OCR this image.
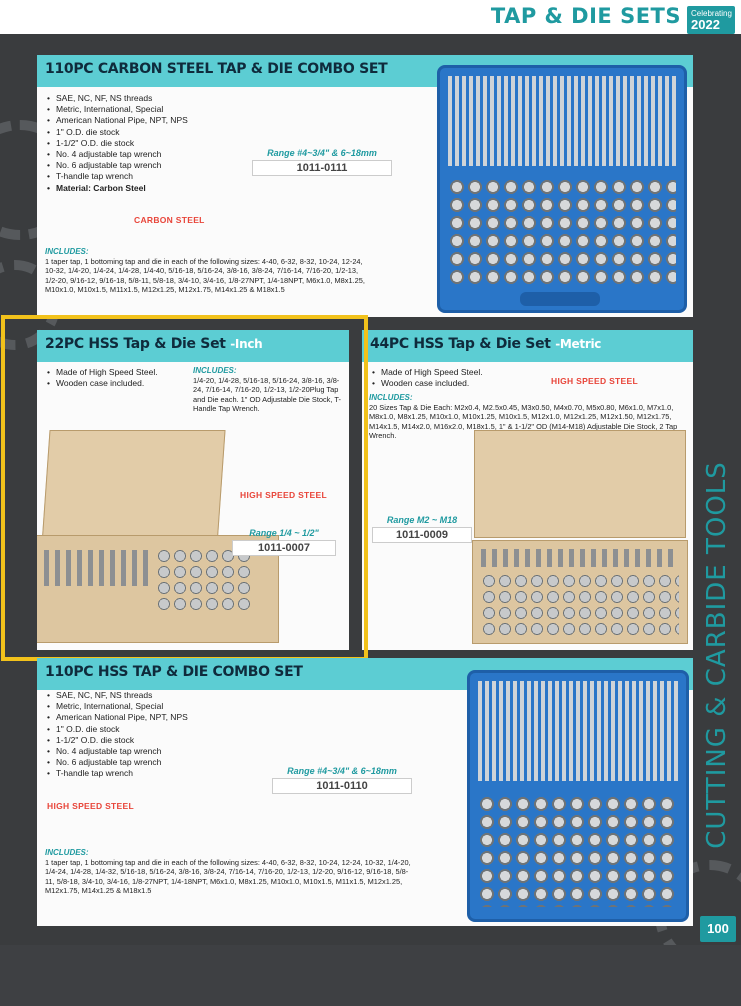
TAP & DIE SETS Celebrating
2022
CUTTING & CARBIDE TOOLS
110PC CARBON STEEL TAP & DIE COMBO SET
• SAE, NC, NF, NS threads
• Metric, International, Special
• American National Pipe, NPT, NPS
• 1" O.D. die stock
• 1-1/2" O.D. die stock
• No. 4 adjustable tap wrench
• No. 6 adjustable tap wrench
• T-handle tap wrench
• Material: Carbon Steel
CARBON STEEL
Range #4~3/4" & 6~18mm
1011-0111
INCLUDES:
1 taper tap, 1 bottoming tap and die in each of the following sizes: 4-40, 6-32, 8-32, 10-24, 12-24, 10-32, 1/4-20, 1/4-24, 1/4-28, 1/4-40, 5/16-18, 5/16-24, 3/8-16, 3/8-24, 7/16-14, 7/16-20, 1/2-13, 1/2-20, 9/16-12, 9/16-18, 5/8-11, 5/8-18, 3/4-10, 3/4-16, 1/8-27NPT, 1/4-18NPT, M6x1.0, M8x1.25, M10x1.0, M10x1.5, M11x1.5, M12x1.25, M12x1.75, M14x1.25 & M18x1.5
22PC HSS Tap & Die Set -Inch
• Made of High Speed Steel.
• Wooden case included.
INCLUDES:
1/4-20, 1/4-28, 5/16-18, 5/16-24, 3/8-16, 3/8-24, 7/16-14, 7/16-20, 1/2-13, 1/2-20Plug Tap and Die each. 1" OD Adjustable Die Stock, T-Handle Tap Wrench.
HIGH SPEED STEEL
Range 1/4 ~ 1/2"
1011-0007
44PC HSS Tap & Die Set -Metric
• Made of High Speed Steel.
• Wooden case included.	HIGH SPEED STEEL
INCLUDES:
20 Sizes Tap & Die Each: M2x0.4, M2.5x0.45, M3x0.50, M4x0.70, M5x0.80, M6x1.0, M7x1.0, M8x1.0, M8x1.25, M10x1.0, M10x1.25, M10x1.5, M12x1.0, M12x1.25, M12x1.50, M12x1.75, M14x1.5, M14x2.0, M16x2.0, M18x1.5, 1" & 1-1/2" OD (M14-M18) Adjustable Die Stock, 2 Tap Wrench.
Range M2 ~ M18
1011-0009
110PC HSS TAP & DIE COMBO SET
• SAE, NC, NF, NS threads
• Metric, International, Special
• American National Pipe, NPT, NPS
• 1" O.D. die stock
• 1-1/2" O.D. die stock
• No. 4 adjustable tap wrench
• No. 6 adjustable tap wrench
• T-handle tap wrench
HIGH SPEED STEEL
Range #4~3/4" & 6~18mm
1011-0110
INCLUDES:
1 taper tap, 1 bottoming tap and die in each of the following sizes: 4-40, 6-32, 8-32, 10-24, 12-24, 10-32, 1/4-20, 1/4-24, 1/4-28, 1/4-32, 5/16-18, 5/16-24, 3/8-16, 3/8-24, 7/16-14, 7/16-20, 1/2-13, 1/2-20, 9/16-12, 9/16-18, 5/8-11, 5/8-18, 3/4-10, 3/4-16, 1/8-27NPT, 1/4-18NPT, M6x1.0, M8x1.25, M10x1.0, M10x1.5, M11x1.5, M12x1.25, M12x1.75, M14x1.25 & M18x1.5
100
